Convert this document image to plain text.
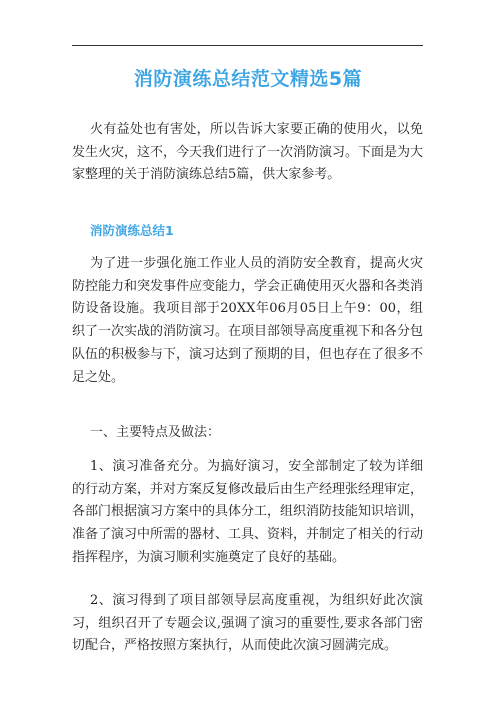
消防演练总结范文精选5篇

火有益处也有害处，所以告诉大家要正确的使用火，以免发生火灾，这不，今天我们进行了一次消防演习。下面是为大家整理的关于消防演练总结5篇，供大家参考。

消防演练总结1

为了进一步强化施工作业人员的消防安全教育，提高火灾防控能力和突发事件应变能力，学会正确使用灭火器和各类消防设备设施。我项目部于20XX年06月05日上午9：00，组织了一次实战的消防演习。在项目部领导高度重视下和各分包队伍的积极参与下，演习达到了预期的目，但也存在了很多不足之处。

一、主要特点及做法：

1、演习准备充分。为搞好演习，安全部制定了较为详细的行动方案，并对方案反复修改最后由生产经理张经理审定，各部门根据演习方案中的具体分工，组织消防技能知识培训，准备了演习中所需的器材、工具、资料，并制定了相关的行动指挥程序，为演习顺利实施奠定了良好的基础。

2、演习得到了项目部领导层高度重视，为组织好此次演习，组织召开了专题会议,强调了演习的重要性,要求各部门密切配合，严格按照方案执行，从而使此次演习圆满完成。
